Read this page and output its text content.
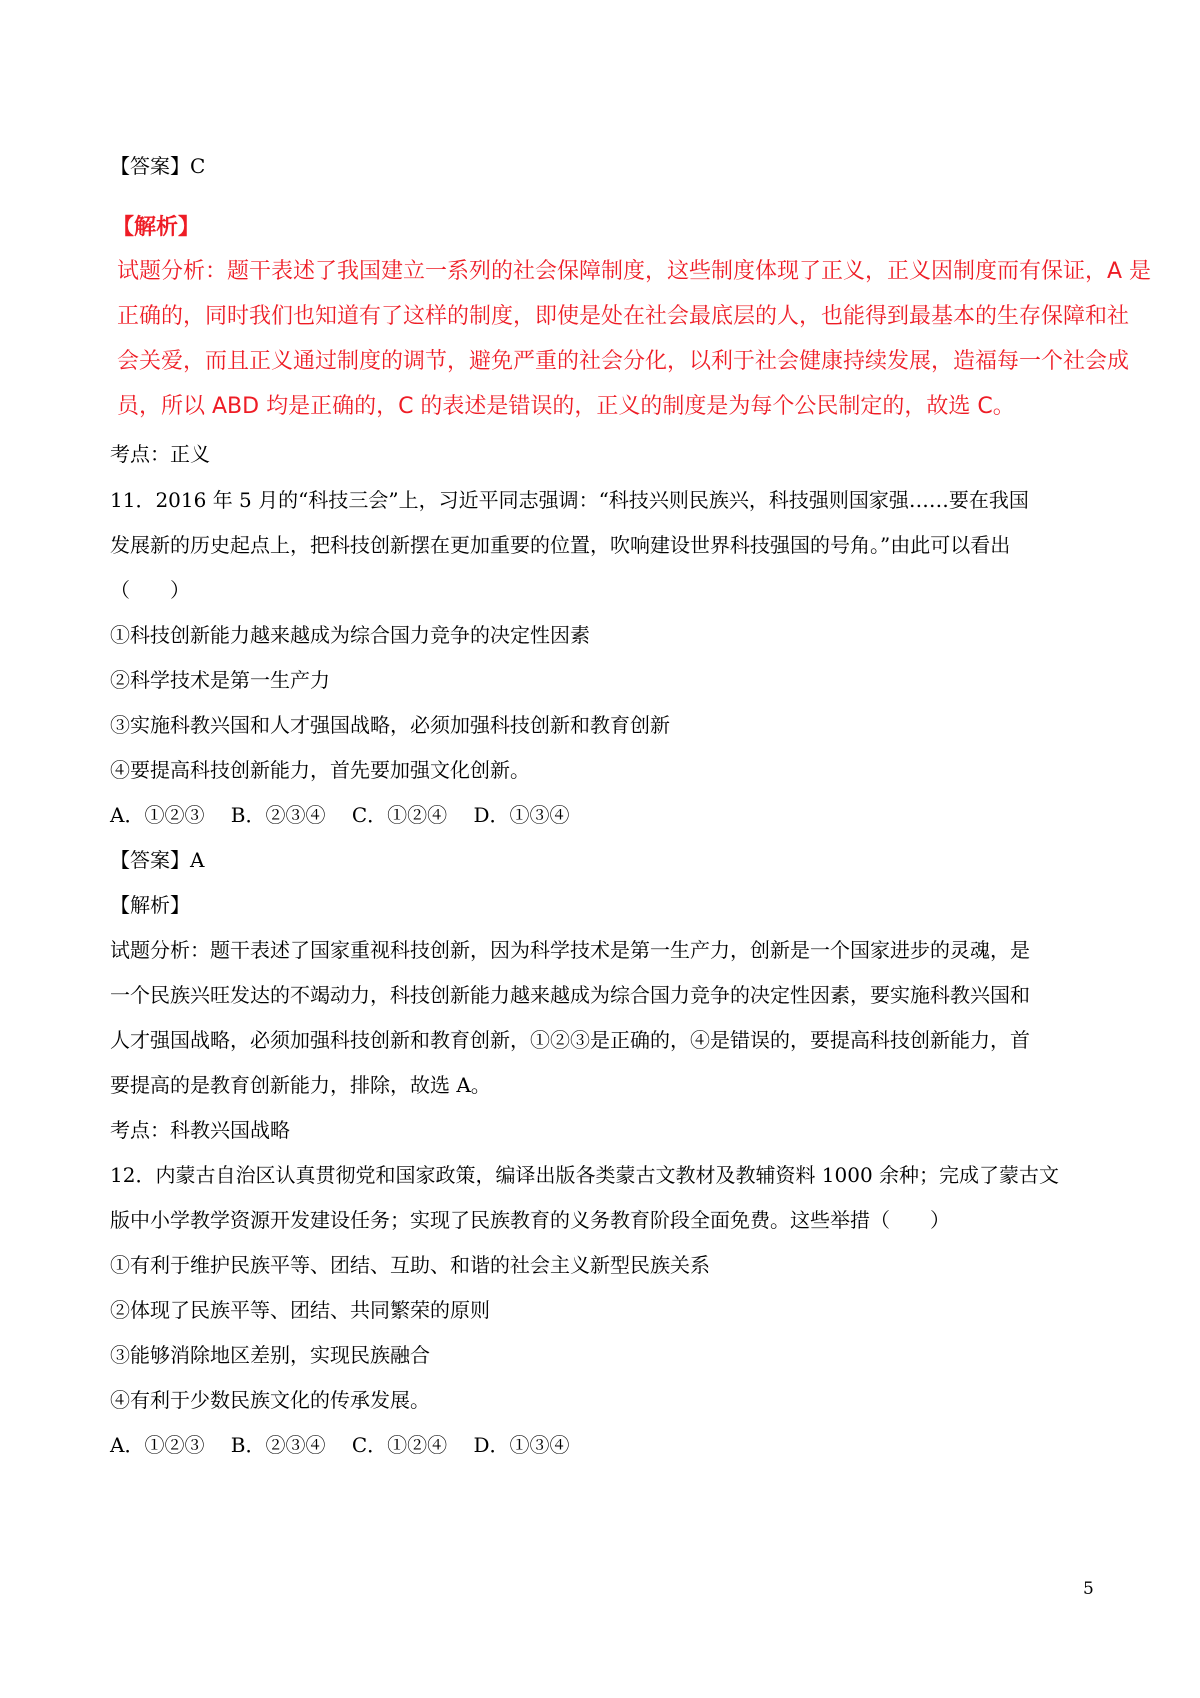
【答案】C
【解析】
试题分析：题干表述了我国建立一系列的社会保障制度，这些制度体现了正义，正义因制度而有保证，A 是
正确的，同时我们也知道有了这样的制度，即使是处在社会最底层的人，也能得到最基本的生存保障和社
会关爱，而且正义通过制度的调节，避免严重的社会分化，以利于社会健康持续发展，造福每一个社会成
员，所以 ABD 均是正确的，C 的表述是错误的，正义的制度是为每个公民制定的，故选 C。
考点：正义
11．2016 年 5 月的“科技三会”上，习近平同志强调：“科技兴则民族兴，科技强则国家强……要在我国
发展新的历史起点上，把科技创新摆在更加重要的位置，吹响建设世界科技强国的号角。”由此可以看出
（　　）
①科技创新能力越来越成为综合国力竞争的决定性因素
②科学技术是第一生产力
③实施科教兴国和人才强国战略，必须加强科技创新和教育创新
④要提高科技创新能力，首先要加强文化创新。
A．①②③　 B．②③④　 C．①②④　 D．①③④
【答案】A
【解析】
试题分析：题干表述了国家重视科技创新，因为科学技术是第一生产力，创新是一个国家进步的灵魂，是
一个民族兴旺发达的不竭动力，科技创新能力越来越成为综合国力竞争的决定性因素，要实施科教兴国和
人才强国战略，必须加强科技创新和教育创新，①②③是正确的，④是错误的，要提高科技创新能力，首
要提高的是教育创新能力，排除，故选 A。
考点：科教兴国战略
12．内蒙古自治区认真贯彻党和国家政策，编译出版各类蒙古文教材及教辅资料 1000 余种；完成了蒙古文
版中小学教学资源开发建设任务；实现了民族教育的义务教育阶段全面免费。这些举措（　　）
①有利于维护民族平等、团结、互助、和谐的社会主义新型民族关系
②体现了民族平等、团结、共同繁荣的原则
③能够消除地区差别，实现民族融合
④有利于少数民族文化的传承发展。
A．①②③　 B．②③④　 C．①②④　 D．①③④
5
